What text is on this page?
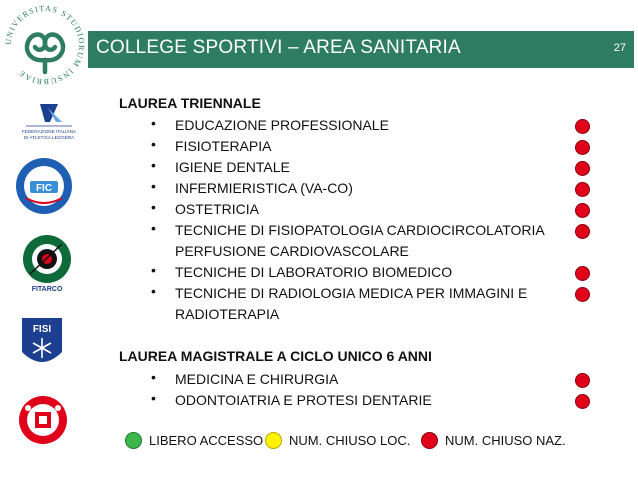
COLLEGE SPORTIVI – AREA SANITARIA	27
UNIVERSITAS STUDIORUM INSUBRIAE
FEDERAZIONE ITALIANA
DI ATLETICA LEGGERA
FIC
FITARCO
FISI
LAUREA TRIENNALE
• EDUCAZIONE PROFESSIONALE
• FISIOTERAPIA
• IGIENE DENTALE
• INFERMIERISTICA (VA-CO)
• OSTETRICIA
• TECNICHE DI FISIOPATOLOGIA CARDIOCIRCOLATORIA
PERFUSIONE CARDIOVASCOLARE
• TECNICHE DI LABORATORIO BIOMEDICO
• TECNICHE DI RADIOLOGIA MEDICA PER IMMAGINI E
RADIOTERAPIA
LAUREA MAGISTRALE A CICLO UNICO 6 ANNI
• MEDICINA E CHIRURGIA
• ODONTOIATRIA E PROTESI DENTARIE
LIBERO ACCESSO NUM. CHIUSO LOC.	NUM. CHIUSO NAZ.
